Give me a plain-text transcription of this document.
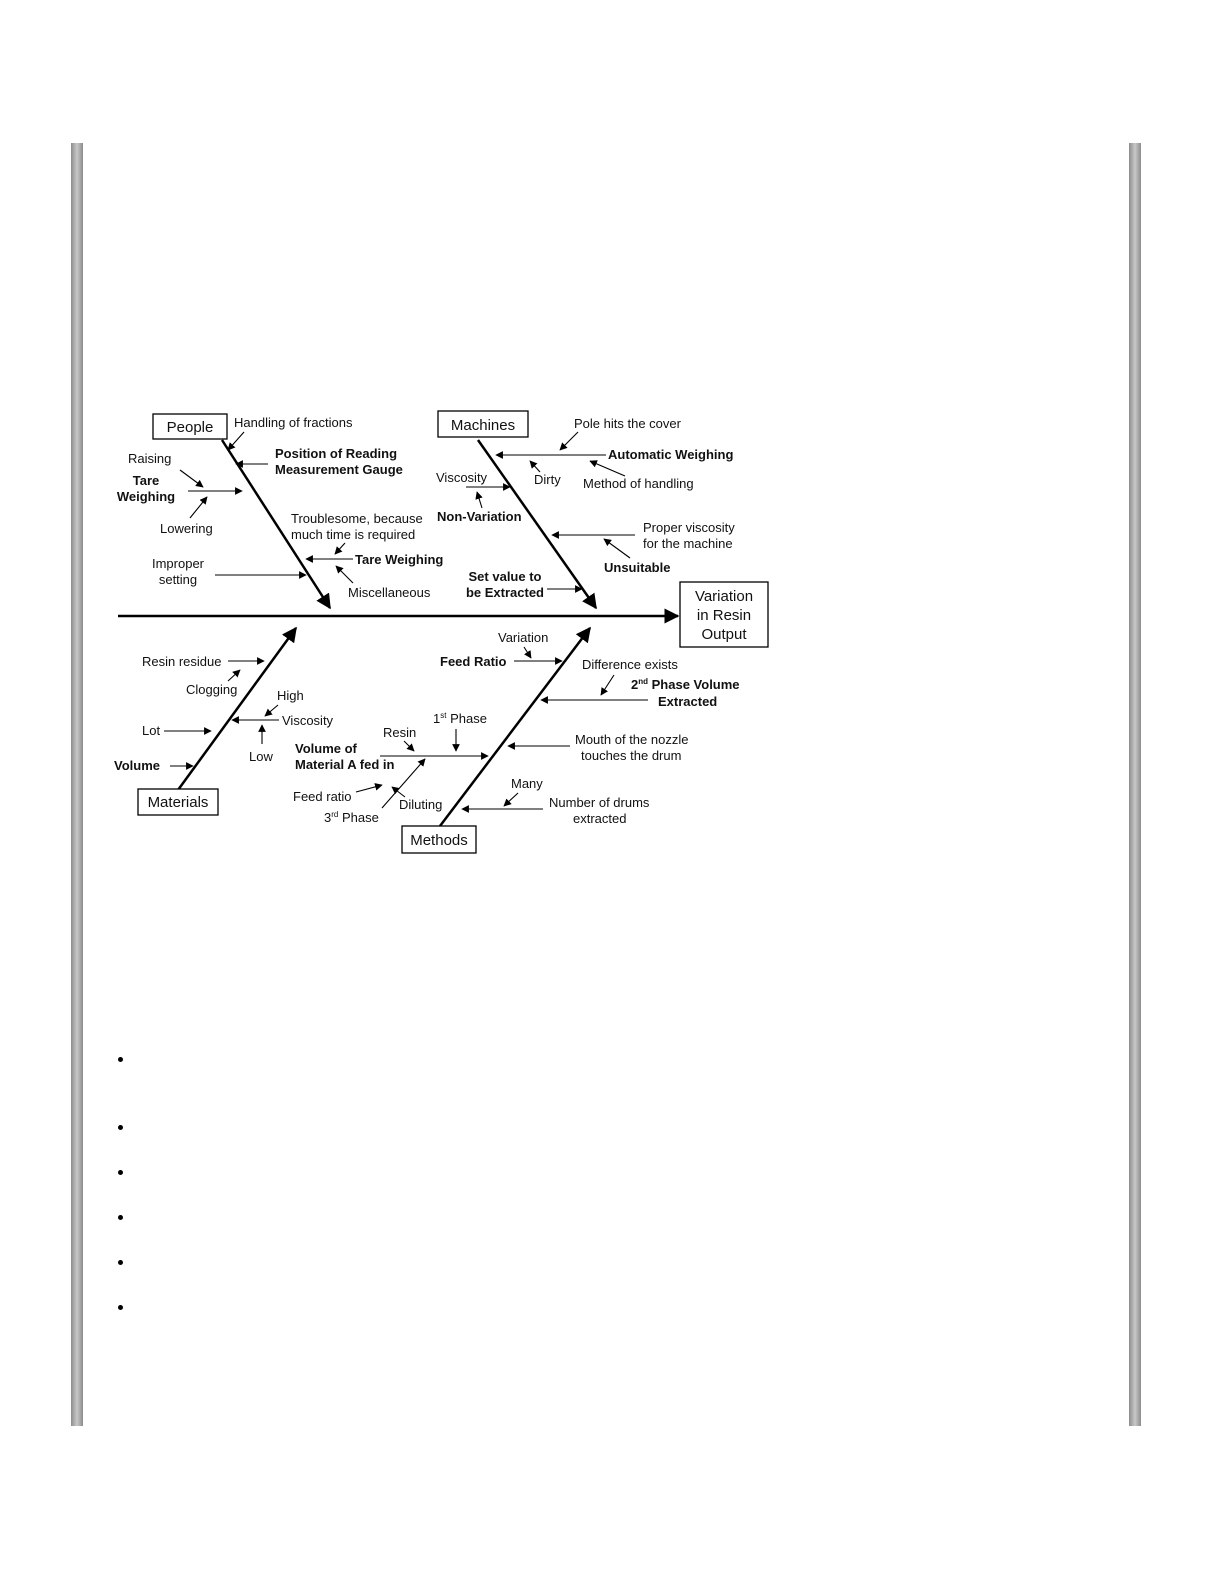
Variation
in Resin
Output
People	Machines
Materials
Methods
Handling of fractions
Position of Reading
Measurement Gauge
Raising
Tare
Weighing
Lowering
Troublesome, because
much time is required
Tare Weighing
Improper
setting
Miscellaneous
Pole hits the cover
Automatic Weighing
Viscosity	Dirty Method of handling
Non-Variation
Proper viscosity
for the machine
Unsuitable
Set value to
be Extracted
Resin residue
Clogging	High
Viscosity
Lot
Low
Volume
Variation
Feed Ratio	Difference exists
2nd Phase Volume
Extracted
1st Phase
Resin
Volume of
Material A fed in
Mouth of the nozzle
touches the drum
Many
Feed ratio
Diluting
3rd Phase
Number of drums
extracted
